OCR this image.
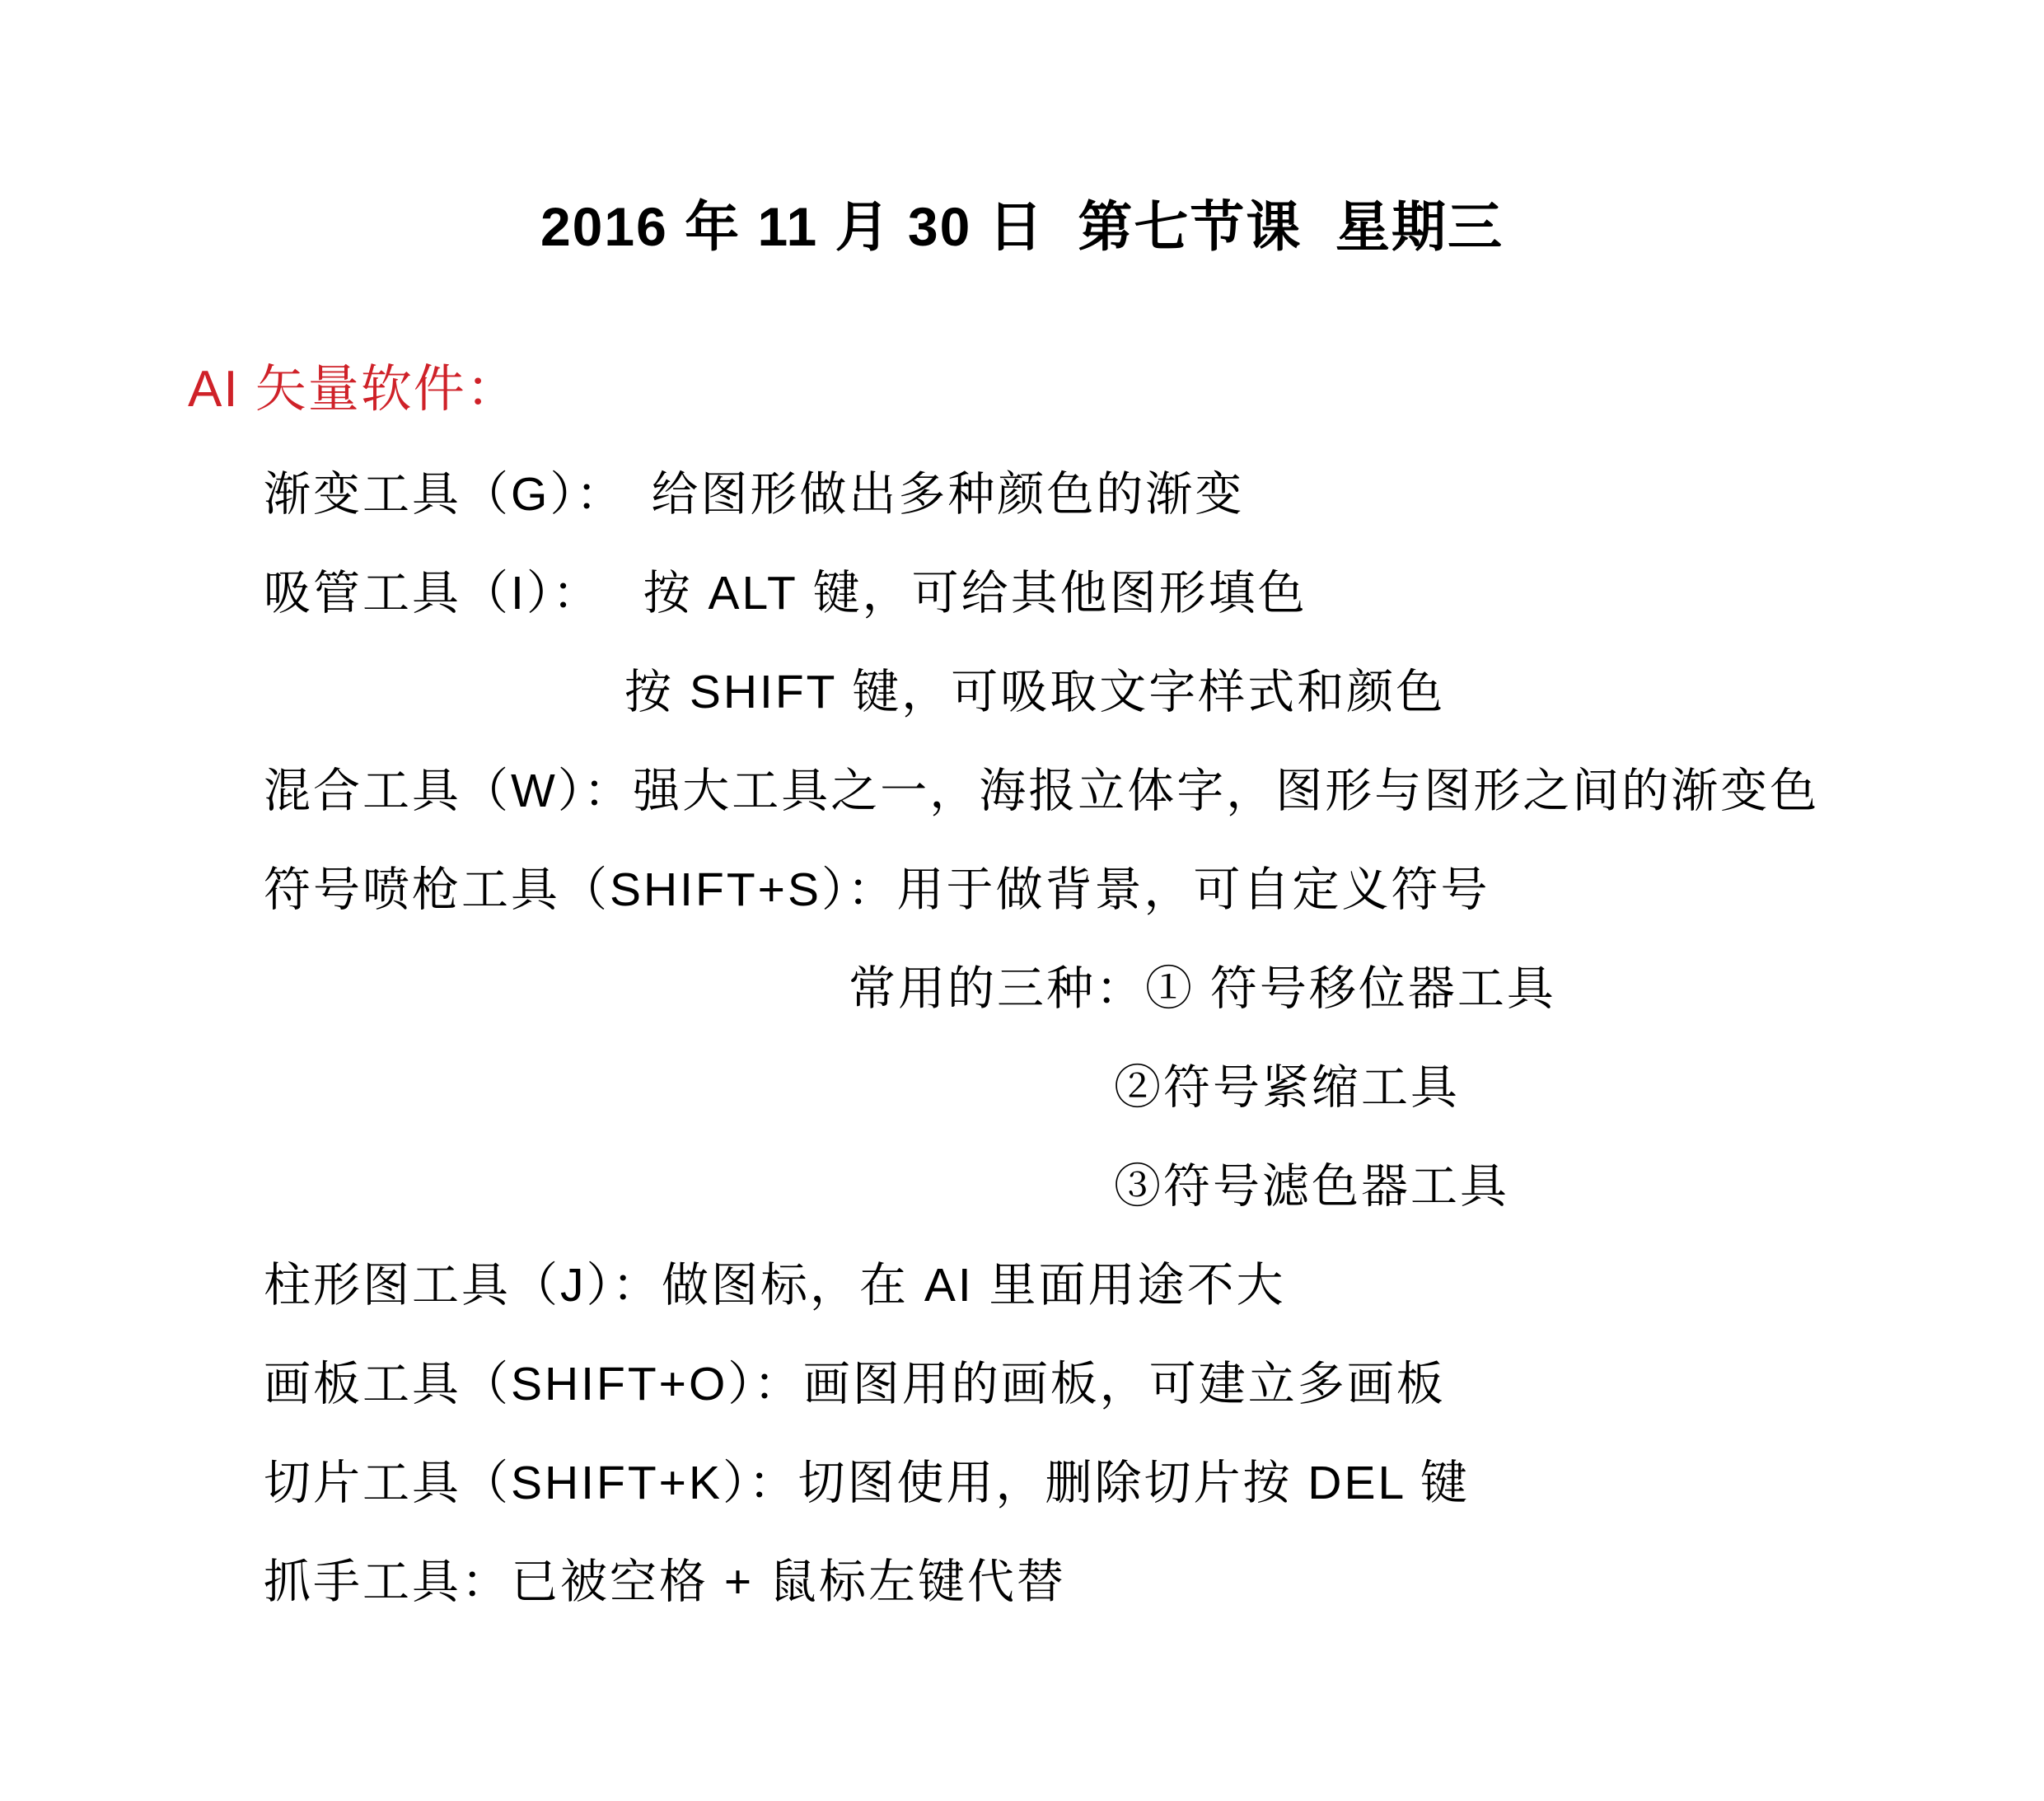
2016 年 11 月 30 日  第七节课  星期三
AI 矢量软件：
渐变工具（G）：　给图形做出多种颜色的渐变
吸管工具（I）：　 按 ALT 键，可给其他图形填色
按 SHIFT 键，可吸取文字样式和颜色
混合工具（W）：强大工具之一，海报立体字，图形与图形之间的渐变色
符号喷枪工具（SHIFT+S）：用于做背景，可自定义符号
常用的三种：① 符号移位器工具
②符号紧缩工具
③符号滤色器工具
柱形图工具（J）：做图标，在 AI 里面用途不大
画板工具（SHIFT+O）：画图用的画板，可建立多画板
切片工具（SHIFT+K）：切图使用，删除切片按 DEL 键
抓手工具：已被空格 + 鼠标左键代替
